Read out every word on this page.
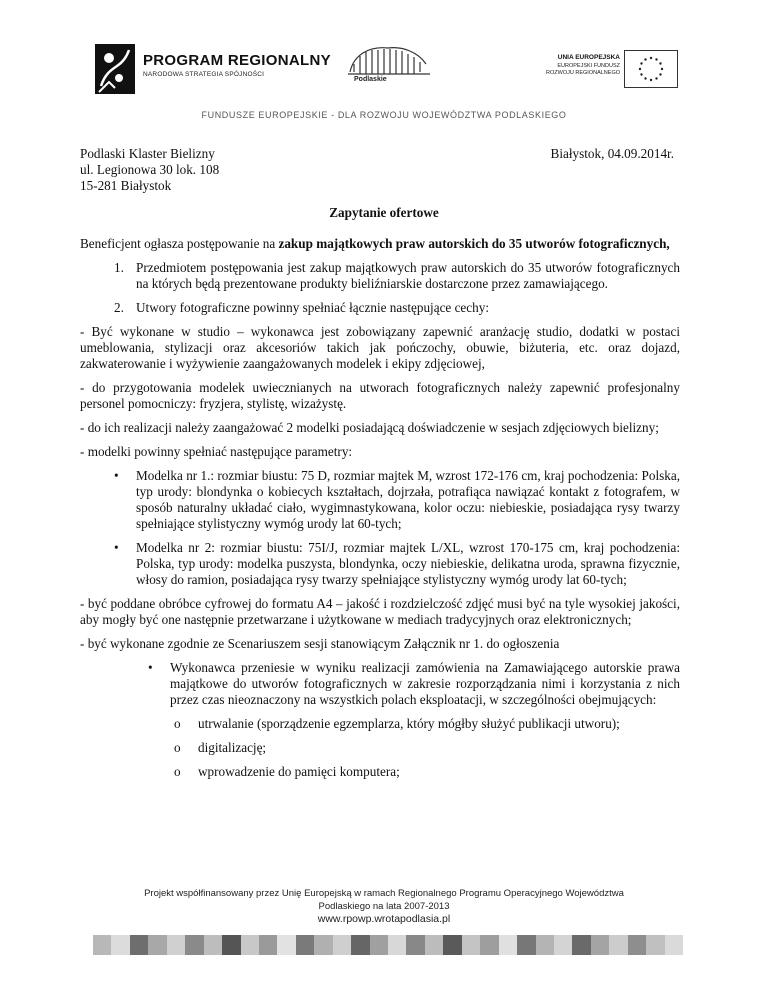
PROGRAM REGIONALNY
NARODOWA STRATEGIA SPÓJNOŚCI
Podlaskie
UNIA EUROPEJSKA
EUROPEJSKI FUNDUSZ
ROZWOJU REGIONALNEGO
FUNDUSZE EUROPEJSKIE - DLA ROZWOJU WOJEWÓDZTWA PODLASKIEGO
Podlaski Klaster Bielizny
ul. Legionowa 30 lok. 108
15-281 Białystok
Białystok, 04.09.2014r.
Zapytanie ofertowe

Beneficjent ogłasza postępowanie na zakup majątkowych praw autorskich do 35 utworów fotograficznych,

1. Przedmiotem postępowania jest zakup majątkowych praw autorskich do 35 utworów fotograficznych na których będą prezentowane produkty bieliźniarskie dostarczone przez zamawiającego.
2. Utwory fotograficzne powinny spełniać łącznie następujące cechy:

- Być wykonane w studio – wykonawca jest zobowiązany zapewnić aranżację studio, dodatki w postaci umeblowania, stylizacji oraz akcesoriów takich jak pończochy, obuwie, biżuteria, etc. oraz dojazd, zakwaterowanie i wyżywienie zaangażowanych modelek i ekipy zdjęciowej,

- do przygotowania modelek uwiecznianych na utworach fotograficznych należy zapewnić profesjonalny personel pomocniczy: fryzjera, stylistę, wizażystę.

- do ich realizacji należy zaangażować 2 modelki posiadającą doświadczenie w sesjach zdjęciowych bielizny;

- modelki powinny spełniać następujące parametry:

• Modelka nr 1.: rozmiar biustu: 75 D, rozmiar majtek M, wzrost 172-176 cm, kraj pochodzenia: Polska, typ urody: blondynka o kobiecych kształtach, dojrzała, potrafiąca nawiązać kontakt z fotografem, w sposób naturalny układać ciało, wygimnastykowana, kolor oczu: niebieskie, posiadająca rysy twarzy spełniające stylistyczny wymóg urody lat 60-tych;
• Modelka nr 2: rozmiar biustu: 75I/J, rozmiar majtek L/XL, wzrost 170-175 cm, kraj pochodzenia: Polska, typ urody: modelka puszysta, blondynka, oczy niebieskie, delikatna uroda, sprawna fizycznie, włosy do ramion, posiadająca rysy twarzy spełniające stylistyczny wymóg urody lat 60-tych;

- być poddane obróbce cyfrowej do formatu A4 – jakość i rozdzielczość zdjęć musi być na tyle wysokiej jakości, aby mogły być one następnie przetwarzane i użytkowane w mediach tradycyjnych oraz elektronicznych;

- być wykonane zgodnie ze Scenariuszem sesji stanowiącym Załącznik nr 1. do ogłoszenia

• Wykonawca przeniesie w wyniku realizacji zamówienia na Zamawiającego autorskie prawa majątkowe do utworów fotograficznych w zakresie rozporządzania nimi i korzystania z nich przez czas nieoznaczony na wszystkich polach eksploatacji, w szczególności obejmujących:
o utrwalanie (sporządzenie egzemplarza, który mógłby służyć publikacji utworu);
o digitalizację;
o wprowadzenie do pamięci komputera;
Projekt współfinansowany przez Unię Europejską w ramach Regionalnego Programu Operacyjnego Województwa
Podlaskiego na lata 2007-2013
www.rpowp.wrotapodlasia.pl
